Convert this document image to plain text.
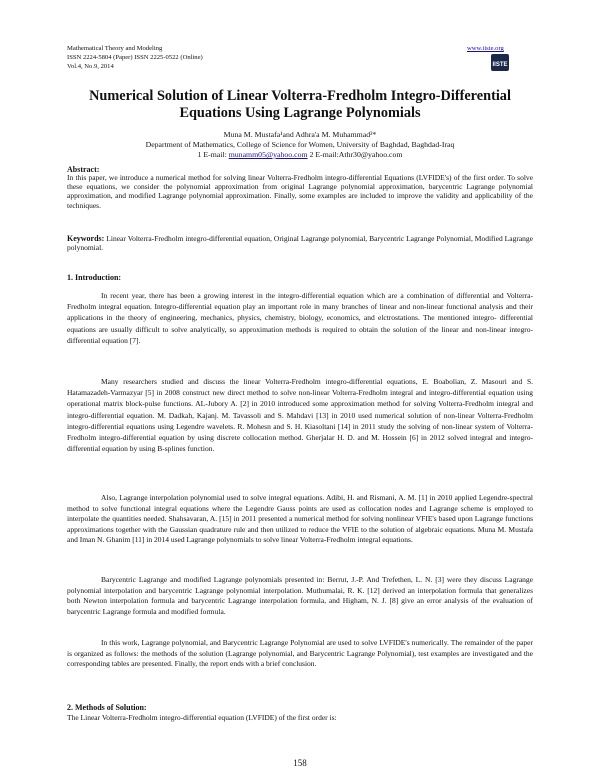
Mathematical Theory and Modeling
ISSN 2224-5804 (Paper) ISSN 2225-0522 (Online)
Vol.4, No.9, 2014
www.iiste.org
IISTE
Numerical Solution of Linear Volterra-Fredholm Integro-Differential Equations Using Lagrange Polynomials
Muna M. Mustafa¹and Adhra'a M. Muhammad²*
Department of Mathematics, College of Science for Women, University of Baghdad, Baghdad-Iraq
1 E-mail: munamm05@yahoo.com 2 E-mail:Athr30@yahoo.com
Abstract:
In this paper, we introduce a numerical method for solving linear Volterra-Fredholm integro-differential Equations (LVFIDE's) of the first order. To solve these equations, we consider the polynomial approximation from original Lagrange polynomial approximation, barycentric Lagrange polynomial approximation, and modified Lagrange polynomial approximation. Finally, some examples are included to improve the validity and applicability of the techniques.
Keywords: Linear Volterra-Fredholm integro-differential equation, Original Lagrange polynomial, Barycentric Lagrange Polynomial, Modified Lagrange polynomial.
1. Introduction:
In recent year, there has been a growing interest in the integro-differential equation which are a combination of differential and Volterra-Fredholm integral equation. Integro-differential equation play an important role in many branches of linear and non-linear functional analysis and their applications in the theory of engineering, mechanics, physics, chemistry, biology, economics, and elctrostations. The mentioned integro- differential equations are usually difficult to solve analytically, so approximation methods is required to obtain the solution of the linear and non-linear integro-differential equation [7].
Many researchers studied and discuss the linear Volterra-Fredholm integro-differential equations, E. Boabolian, Z. Masouri and S. Hatamazadeh-Varmazyar [5] in 2008 construct new direct method to solve non-linear Volterra-Fredholm integral and integro-differential equation using operational matrix block-pulse functions. AL-Jubory A. [2] in 2010 introduced some approximation method for solving Volterra-Fredholm integral and integro-differential equation. M. Dadkah, Kajanj. M. Tavassoli and S. Mahdavi [13] in 2010 used numerical solution of non-linear Volterra-Fredholm integro-differential equations using Legendre wavelets. R. Mohesn and S. H. Kiasoltani [14] in 2011 study the solving of non-linear system of Volterra-Fredholm integro-differential equation by using discrete collocation method. Gherjalar H. D. and M. Hossein [6] in 2012 solved integral and integro-differential equation by using B-splines function.
Also, Lagrange interpolation polynomial used to solve integral equations. Adibi, H. and Rismani, A. M. [1] in 2010 applied Legendre-spectral method to solve functional integral equations where the Legendre Gauss points are used as collocation nodes and Lagrange scheme is employed to interpolate the quantities needed. Shahsavaran, A. [15] in 2011 presented a numerical method for solving nonlinear VFIE's based upon Lagrange functions approximations together with the Gaussian quadrature rule and then utilized to reduce the VFIE to the solution of algebraic equations. Muna M. Mustafa and Iman N. Ghanim [11] in 2014 used Lagrange polynomials to solve linear Volterra-Fredholm integral equations.
Barycentric Lagrange and modified Lagrange polynomials presented in: Berrut, J.-P. And Trefethen, L. N. [3] were they discuss Lagrange polynomial interpolation and barycentric Lagrange polynomial interpolation. Muthumalai, R. K. [12] derived an interpolation formula that generalizes both Newton interpolation formula and barycentric Lagrange interpolation formula, and Higham, N. J. [8] give an error analysis of the evaluation of barycentric Lagrange formula and modified formula.
In this work, Lagrange polynomial, and Barycentric Lagrange Polynomial are used to solve LVFIDE's numerically. The remainder of the paper is organized as follows: the methods of the solution (Lagrange polynomial, and Barycentric Lagrange Polynomial), test examples are investigated and the corresponding tables are presented. Finally, the report ends with a brief conclusion.
2. Methods of Solution:
The Linear Volterra-Fredholm integro-differential equation (LVFIDE) of the first order is:
158
